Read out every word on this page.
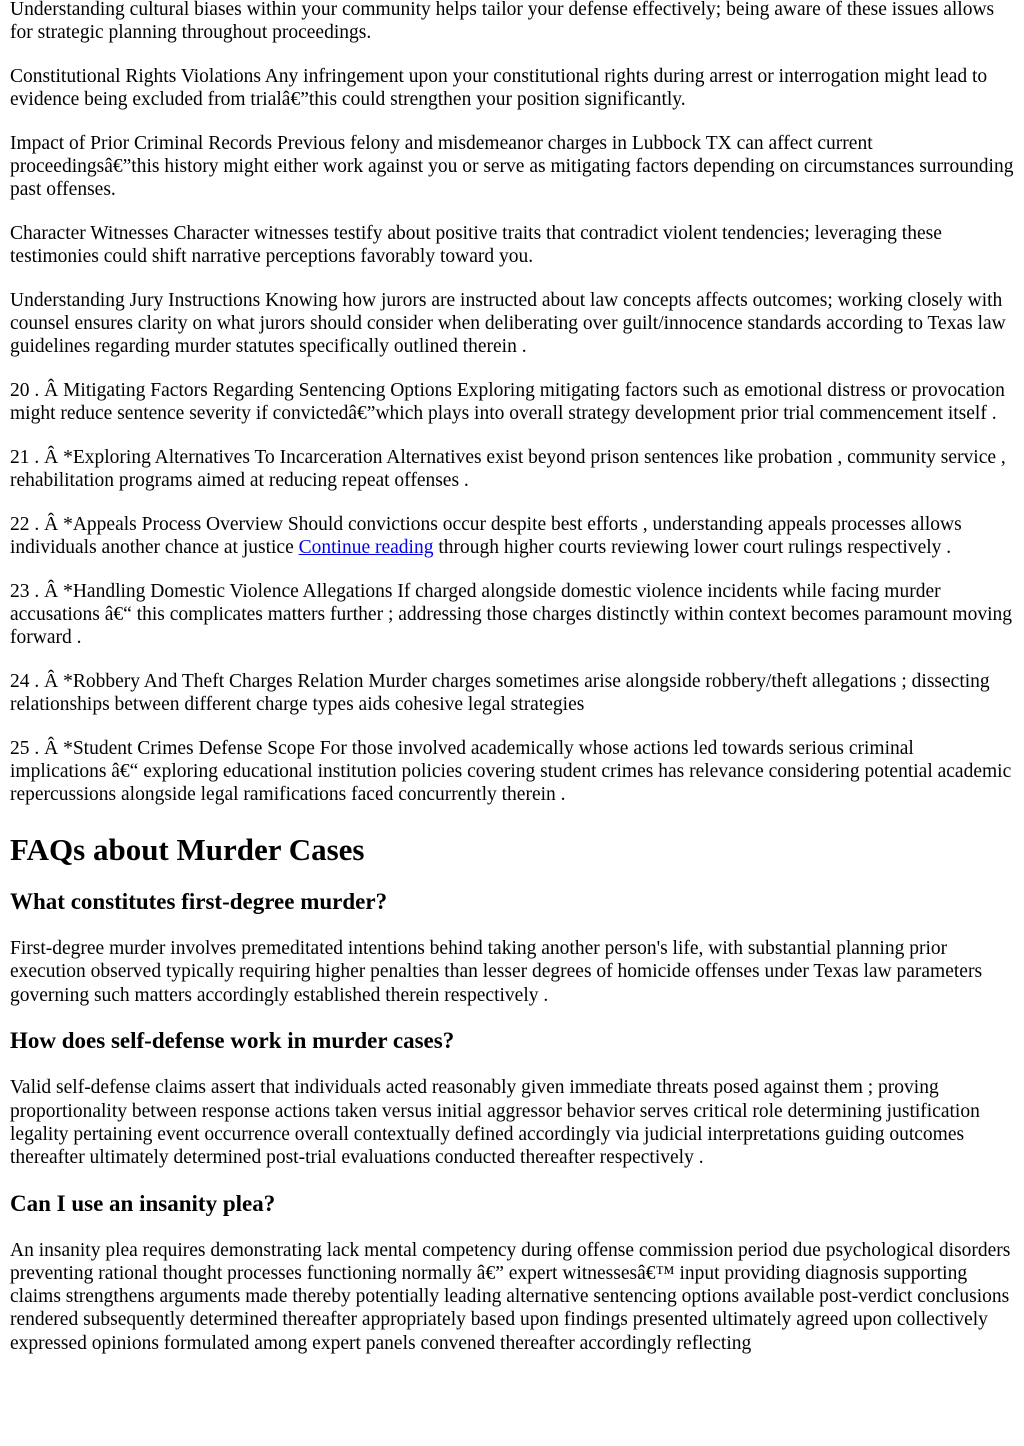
Understanding cultural biases within your community helps tailor your defense effectively; being aware of these issues allows for strategic planning throughout proceedings.

Constitutional Rights Violations Any infringement upon your constitutional rights during arrest or interrogation might lead to evidence being excluded from trialâ€”this could strengthen your position significantly.

Impact of Prior Criminal Records Previous felony and misdemeanor charges in Lubbock TX can affect current proceedingsâ€”this history might either work against you or serve as mitigating factors depending on circumstances surrounding past offenses.

Character Witnesses Character witnesses testify about positive traits that contradict violent tendencies; leveraging these testimonies could shift narrative perceptions favorably toward you.

Understanding Jury Instructions Knowing how jurors are instructed about law concepts affects outcomes; working closely with counsel ensures clarity on what jurors should consider when deliberating over guilt/innocence standards according to Texas law guidelines regarding murder statutes specifically outlined therein .

20 . Â Mitigating Factors Regarding Sentencing Options Exploring mitigating factors such as emotional distress or provocation might reduce sentence severity if convictedâ€”which plays into overall strategy development prior trial commencement itself .

21 . Â *Exploring Alternatives To Incarceration Alternatives exist beyond prison sentences like probation , community service , rehabilitation programs aimed at reducing repeat offenses .

22 . Â *Appeals Process Overview Should convictions occur despite best efforts , understanding appeals processes allows individuals another chance at justice Continue reading through higher courts reviewing lower court rulings respectively .

23 . Â *Handling Domestic Violence Allegations If charged alongside domestic violence incidents while facing murder accusations â€“ this complicates matters further ; addressing those charges distinctly within context becomes paramount moving forward .

24 . Â *Robbery And Theft Charges Relation Murder charges sometimes arise alongside robbery/theft allegations ; dissecting relationships between different charge types aids cohesive legal strategies

25 . Â *Student Crimes Defense Scope For those involved academically whose actions led towards serious criminal implications â€“ exploring educational institution policies covering student crimes has relevance considering potential academic repercussions alongside legal ramifications faced concurrently therein .

FAQs about Murder Cases
What constitutes first-degree murder?

First-degree murder involves premeditated intentions behind taking another person's life, with substantial planning prior execution observed typically requiring higher penalties than lesser degrees of homicide offenses under Texas law parameters governing such matters accordingly established therein respectively .

How does self-defense work in murder cases?

Valid self-defense claims assert that individuals acted reasonably given immediate threats posed against them ; proving proportionality between response actions taken versus initial aggressor behavior serves critical role determining justification legality pertaining event occurrence overall contextually defined accordingly via judicial interpretations guiding outcomes thereafter ultimately determined post-trial evaluations conducted thereafter respectively .

Can I use an insanity plea?

An insanity plea requires demonstrating lack mental competency during offense commission period due psychological disorders preventing rational thought processes functioning normally â€” expert witnessesâ€™ input providing diagnosis supporting claims strengthens arguments made thereby potentially leading alternative sentencing options available post-verdict conclusions rendered subsequently determined thereafter appropriately based upon findings presented ultimately agreed upon collectively expressed opinions formulated among expert panels convened thereafter accordingly reflecting
